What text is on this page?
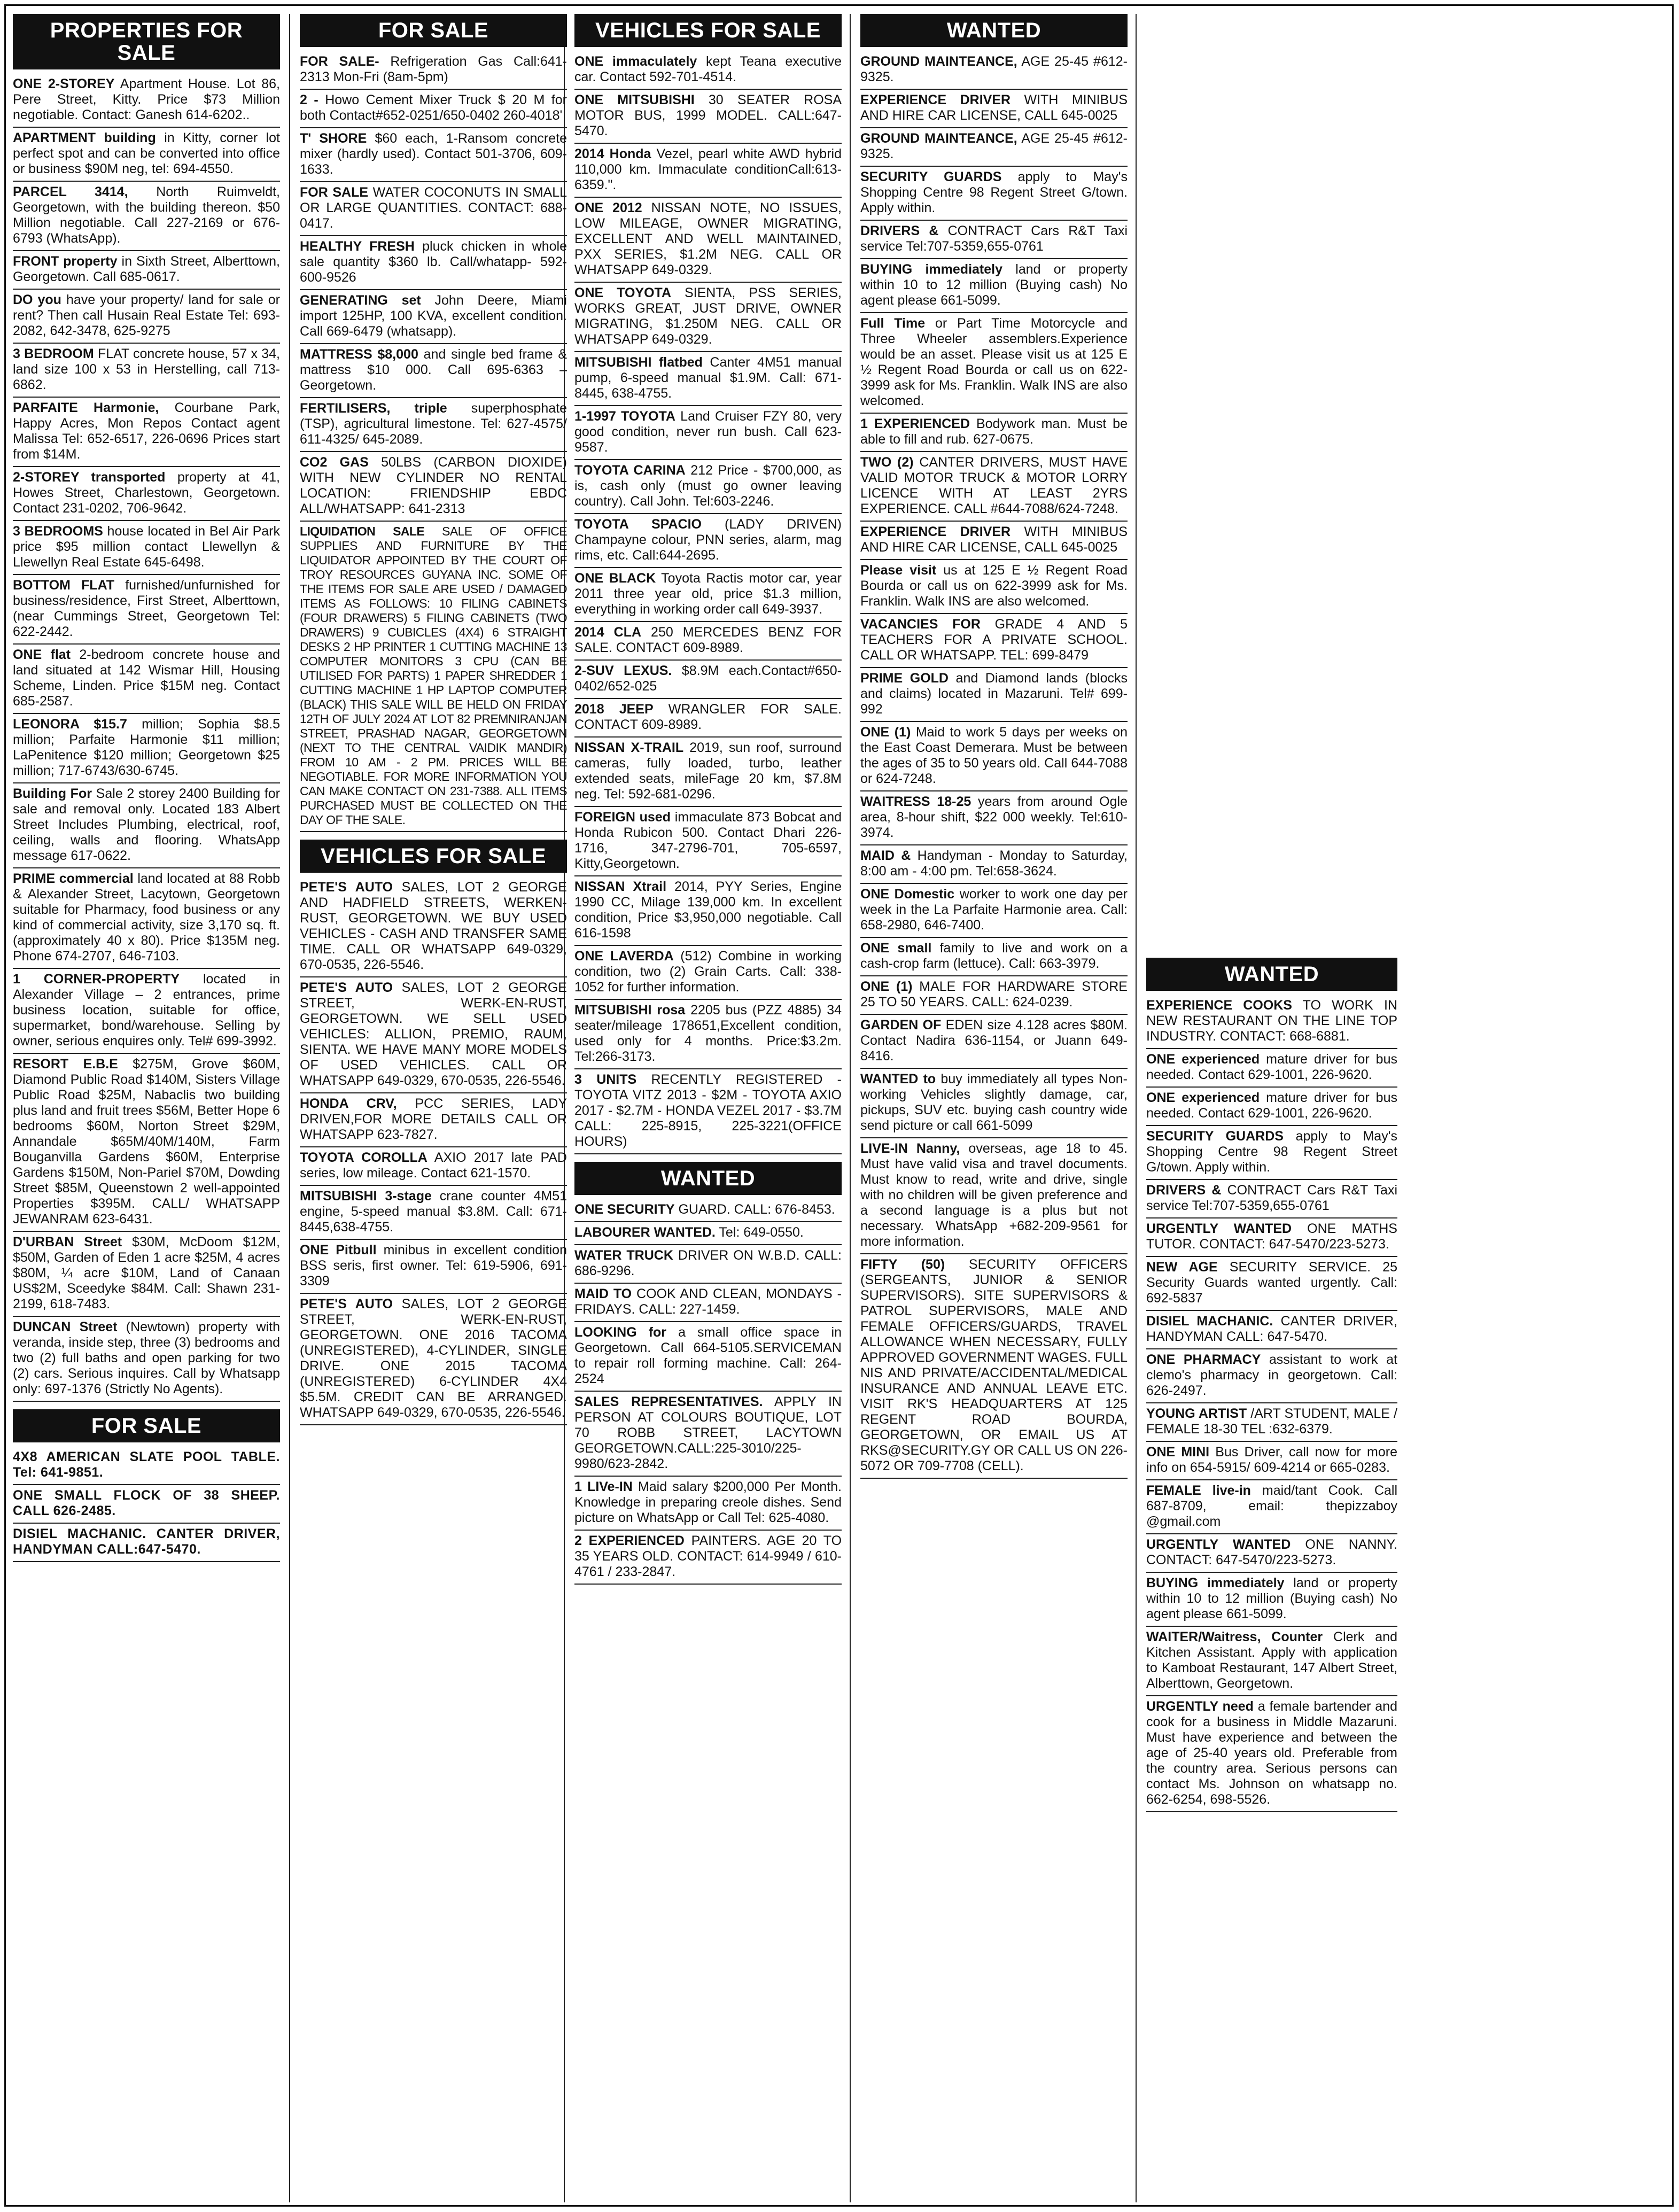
PROPERTIES FOR SALE

ONE 2-STOREY Apartment House. Lot 86, Pere Street, Kitty. Price $73 Million negotiable. Contact: Ganesh 614-6202..

APARTMENT building in Kitty, corner lot perfect spot and can be converted into office or business $90M neg, tel: 694-4550.

PARCEL 3414, North Ruimveldt, Georgetown, with the building thereon. $50 Million negotiable. Call 227-2169 or 676-6793 (WhatsApp).

FRONT property in Sixth Street, Alberttown, Georgetown. Call 685-0617.

DO you have your property/ land for sale or rent? Then call Husain Real Estate Tel: 693-2082, 642-3478, 625-9275

3 BEDROOM FLAT concrete house, 57 x 34, land size 100 x 53 in Herstelling, call 713-6862.

PARFAITE Harmonie, Courbane Park, Happy Acres, Mon Repos Contact agent Malissa Tel: 652-6517, 226-0696 Prices start from $14M.

2-STOREY transported property at 41, Howes Street, Charlestown, Georgetown. Contact 231-0202, 706-9642.

3 BEDROOMS house located in Bel Air Park price $95 million contact Llewellyn & Llewellyn Real Estate 645-6498.

BOTTOM FLAT furnished/unfurnished for business/residence, First Street, Alberttown, (near Cummings Street, Georgetown Tel: 622-2442.

ONE flat 2-bedroom concrete house and land situated at 142 Wismar Hill, Housing Scheme, Linden. Price $15M neg. Contact 685-2587.

LEONORA $15.7 million; Sophia $8.5 million; Parfaite Harmonie $11 million; LaPenitence $120 million; Georgetown $25 million; 717-6743/630-6745.

Building For Sale 2 storey 2400 Building for sale and removal only. Located 183 Albert Street Includes Plumbing, electrical, roof, ceiling, walls and flooring. WhatsApp message 617-0622.

PRIME commercial land located at 88 Robb & Alexander Street, Lacytown, Georgetown suitable for Pharmacy, food business or any kind of commercial activity, size 3,170 sq. ft. (approximately 40 x 80). Price $135M neg. Phone 674-2707, 646-7103.

1 CORNER-PROPERTY located in Alexander Village – 2 entrances, prime business location, suitable for office, supermarket, bond/warehouse. Selling by owner, serious enquires only. Tel# 699-3992.

RESORT E.B.E $275M, Grove $60M, Diamond Public Road $140M, Sisters Village Public Road $25M, Nabaclis two building plus land and fruit trees $56M, Better Hope 6 bedrooms $60M, Norton Street $29M, Annandale $65M/40M/140M, Farm Bouganvilla Gardens $60M, Enterprise Gardens $150M, Non-Pariel $70M, Dowding Street $85M, Queenstown 2 well-appointed Properties $395M. CALL/ WHATSAPP JEWANRAM 623-6431.

D'URBAN Street $30M, McDoom $12M, $50M, Garden of Eden 1 acre $25M, 4 acres $80M, ¼ acre $10M, Land of Canaan US$2M, Sceedyke $84M. Call: Shawn 231-2199, 618-7483.

DUNCAN Street (Newtown) property with veranda, inside step, three (3) bedrooms and two (2) full baths and open parking for two (2) cars. Serious inquires. Call by Whatsapp only: 697-1376 (Strictly No Agents).

FOR SALE

4X8 AMERICAN SLATE POOL TABLE. Tel: 641-9851.

ONE SMALL FLOCK OF 38 SHEEP. CALL 626-2485.

DISIEL MACHANIC. CANTER DRIVER, HANDYMAN CALL:647-5470.

FOR SALE

FOR SALE- Refrigeration Gas Call:641-2313 Mon-Fri (8am-5pm)

2 - Howo Cement Mixer Truck $ 20 M for both Contact#652-0251/650-0402 260-4018'

T' SHORE $60 each, 1-Ransom concrete mixer (hardly used). Contact 501-3706, 609-1633.

FOR SALE WATER COCONUTS IN SMALL OR LARGE QUANTITIES. CONTACT: 688-0417.

HEALTHY FRESH pluck chicken in whole sale quantity $360 lb. Call/whatapp- 592-600-9526

GENERATING set John Deere, Miami import 125HP, 100 KVA, excellent condition. Call 669-6479 (whatsapp).

MATTRESS $8,000 and single bed frame & mattress $10 000. Call 695-6363 – Georgetown.

FERTILISERS, triple superphosphate (TSP), agricultural limestone. Tel: 627-4575/ 611-4325/ 645-2089.

CO2 GAS 50LBS (CARBON DIOXIDE) WITH NEW CYLINDER NO RENTAL LOCATION: FRIENDSHIP EBDC ALL/WHATSAPP: 641-2313

LIQUIDATION SALE SALE OF OFFICE SUPPLIES AND FURNITURE BY THE LIQUIDATOR APPOINTED BY THE COURT OF TROY RESOURCES GUYANA INC. SOME OF THE ITEMS FOR SALE ARE USED / DAMAGED ITEMS AS FOLLOWS: 10 FILING CABINETS (FOUR DRAWERS) 5 FILING CABINETS (TWO DRAWERS) 9 CUBICLES (4X4) 6 STRAIGHT DESKS 2 HP PRINTER 1 CUTTING MACHINE 13 COMPUTER MONITORS 3 CPU (CAN BE UTILISED FOR PARTS) 1 PAPER SHREDDER 1 CUTTING MACHINE 1 HP LAPTOP COMPUTER (BLACK) THIS SALE WILL BE HELD ON FRIDAY 12TH OF JULY 2024 AT LOT 82 PREMNIRANJAN STREET, PRASHAD NAGAR, GEORGETOWN (NEXT TO THE CENTRAL VAIDIK MANDIR) FROM 10 AM - 2 PM. PRICES WILL BE NEGOTIABLE. FOR MORE INFORMATION YOU CAN MAKE CONTACT ON 231-7388. ALL ITEMS PURCHASED MUST BE COLLECTED ON THE DAY OF THE SALE.

VEHICLES FOR SALE

PETE'S AUTO SALES, LOT 2 GEORGE AND HADFIELD STREETS, WERKEN-RUST, GEORGETOWN. WE BUY USED VEHICLES - CASH AND TRANSFER SAME TIME. CALL OR WHATSAPP 649-0329, 670-0535, 226-5546.

PETE'S AUTO SALES, LOT 2 GEORGE STREET, WERK-EN-RUST, GEORGETOWN. WE SELL USED VEHICLES: ALLION, PREMIO, RAUM, SIENTA. WE HAVE MANY MORE MODELS OF USED VEHICLES. CALL OR WHATSAPP 649-0329, 670-0535, 226-5546.

HONDA CRV, PCC SERIES, LADY DRIVEN,FOR MORE DETAILS CALL OR WHATSAPP 623-7827.

TOYOTA COROLLA AXIO 2017 late PAD series, low mileage. Contact 621-1570.

MITSUBISHI 3-stage crane counter 4M51 engine, 5-speed manual $3.8M. Call: 671-8445,638-4755.

ONE Pitbull minibus in excellent condition BSS seris, first owner. Tel: 619-5906, 691-3309

PETE'S AUTO SALES, LOT 2 GEORGE STREET, WERK-EN-RUST, GEORGETOWN. ONE 2016 TACOMA (UNREGISTERED), 4-CYLINDER, SINGLE DRIVE. ONE 2015 TACOMA (UNREGISTERED) 6-CYLINDER 4X4 $5.5M. CREDIT CAN BE ARRANGED. WHATSAPP 649-0329, 670-0535, 226-5546.

VEHICLES FOR SALE

ONE immaculately kept Teana executive car. Contact 592-701-4514.

ONE MITSUBISHI 30 SEATER ROSA MOTOR BUS, 1999 MODEL. CALL:647-5470.

2014 Honda Vezel, pearl white AWD hybrid 110,000 km. Immaculate conditionCall:613-6359.".

ONE 2012 NISSAN NOTE, NO ISSUES, LOW MILEAGE, OWNER MIGRATING, EXCELLENT AND WELL MAINTAINED, PXX SERIES, $1.2M NEG. CALL OR WHATSAPP 649-0329.

ONE TOYOTA SIENTA, PSS SERIES, WORKS GREAT, JUST DRIVE, OWNER MIGRATING, $1.250M NEG. CALL OR WHATSAPP 649-0329.

MITSUBISHI flatbed Canter 4M51 manual pump, 6-speed manual $1.9M. Call: 671-8445, 638-4755.

1-1997 TOYOTA Land Cruiser FZY 80, very good condition, never run bush. Call 623-9587.

TOYOTA CARINA 212 Price - $700,000, as is, cash only (must go owner leaving country). Call John. Tel:603-2246.

TOYOTA SPACIO (LADY DRIVEN) Champayne colour, PNN series, alarm, mag rims, etc. Call:644-2695.

ONE BLACK Toyota Ractis motor car, year 2011 three year old, price $1.3 million, everything in working order call 649-3937.

2014 CLA 250 MERCEDES BENZ FOR SALE. CONTACT 609-8989.

2-SUV LEXUS. $8.9M each.Contact#650-0402/652-025

2018 JEEP WRANGLER FOR SALE. CONTACT 609-8989.

NISSAN X-TRAIL 2019, sun roof, surround cameras, fully loaded, turbo, leather extended seats, mileFage 20 km, $7.8M neg. Tel: 592-681-0296.

FOREIGN used immaculate 873 Bobcat and Honda Rubicon 500. Contact Dhari 226-1716, 347-2796-701, 705-6597, Kitty,Georgetown.

NISSAN Xtrail 2014, PYY Series, Engine 1990 CC, Milage 139,000 km. In excellent condition, Price $3,950,000 negotiable. Call 616-1598

ONE LAVERDA (512) Combine in working condition, two (2) Grain Carts. Call: 338-1052 for further information.

MITSUBISHI rosa 2205 bus (PZZ 4885) 34 seater/mileage 178651,Excellent condition, used only for 4 months. Price:$3.2m. Tel:266-3173.

3 UNITS RECENTLY REGISTERED - TOYOTA VITZ 2013 - $2M - TOYOTA AXIO 2017 - $2.7M - HONDA VEZEL 2017 - $3.7M CALL: 225-8915, 225-3221(OFFICE HOURS)

WANTED

ONE SECURITY GUARD. CALL: 676-8453.

LABOURER WANTED. Tel: 649-0550.

WATER TRUCK DRIVER ON W.B.D. CALL: 686-9296.

MAID TO COOK AND CLEAN, MONDAYS - FRIDAYS. CALL: 227-1459.

LOOKING for a small office space in Georgetown. Call 664-5105.SERVICEMAN to repair roll forming machine. Call: 264-2524

SALES REPRESENTATIVES. APPLY IN PERSON AT COLOURS BOUTIQUE, LOT 70 ROBB STREET, LACYTOWN GEORGETOWN.CALL:225-3010/225-9980/623-2842.

1 LIVe-IN Maid salary $200,000 Per Month. Knowledge in preparing creole dishes. Send picture on WhatsApp or Call Tel: 625-4080.

2 EXPERIENCED PAINTERS. AGE 20 TO 35 YEARS OLD. CONTACT: 614-9949 / 610-4761 / 233-2847.

WANTED

GROUND MAINTEANCE, AGE 25-45 #612-9325.

EXPERIENCE DRIVER WITH MINIBUS AND HIRE CAR LICENSE, CALL 645-0025

GROUND MAINTEANCE, AGE 25-45 #612-9325.

SECURITY GUARDS apply to May's Shopping Centre 98 Regent Street G/town. Apply within.

DRIVERS & CONTRACT Cars R&T Taxi service Tel:707-5359,655-0761

BUYING immediately land or property within 10 to 12 million (Buying cash) No agent please 661-5099.

Full Time or Part Time Motorcycle and Three Wheeler assemblers.Experience would be an asset. Please visit us at 125 E ½ Regent Road Bourda or call us on 622-3999 ask for Ms. Franklin. Walk INS are also welcomed.

1 EXPERIENCED Bodywork man. Must be able to fill and rub. 627-0675.

TWO (2) CANTER DRIVERS, MUST HAVE VALID MOTOR TRUCK & MOTOR LORRY LICENCE WITH AT LEAST 2YRS EXPERIENCE. CALL #644-7088/624-7248.

EXPERIENCE DRIVER WITH MINIBUS AND HIRE CAR LICENSE, CALL 645-0025

Please visit us at 125 E ½ Regent Road Bourda or call us on 622-3999 ask for Ms. Franklin. Walk INS are also welcomed.

VACANCIES FOR GRADE 4 AND 5 TEACHERS FOR A PRIVATE SCHOOL. CALL OR WHATSAPP. TEL: 699-8479

PRIME GOLD and Diamond lands (blocks and claims) located in Mazaruni. Tel# 699-992

ONE (1) Maid to work 5 days per weeks on the East Coast Demerara. Must be between the ages of 35 to 50 years old. Call 644-7088 or 624-7248.

WAITRESS 18-25 years from around Ogle area, 8-hour shift, $22 000 weekly. Tel:610-3974.

MAID & Handyman - Monday to Saturday, 8:00 am - 4:00 pm. Tel:658-3624.

ONE Domestic worker to work one day per week in the La Parfaite Harmonie area. Call: 658-2980, 646-7400.

ONE small family to live and work on a cash-crop farm (lettuce). Call: 663-3979.

ONE (1) MALE FOR HARDWARE STORE 25 TO 50 YEARS. CALL: 624-0239.

GARDEN OF EDEN size 4.128 acres $80M. Contact Nadira 636-1154, or Juann 649-8416.

WANTED to buy immediately all types Non-working Vehicles slightly damage, car, pickups, SUV etc. buying cash country wide send picture or call 661-5099

LIVE-IN Nanny, overseas, age 18 to 45. Must have valid visa and travel documents. Must know to read, write and drive, single with no children will be given preference and a second language is a plus but not necessary. WhatsApp +682-209-9561 for more information.

FIFTY (50) SECURITY OFFICERS (SERGEANTS, JUNIOR & SENIOR SUPERVISORS). SITE SUPERVISORS & PATROL SUPERVISORS, MALE AND FEMALE OFFICERS/GUARDS, TRAVEL ALLOWANCE WHEN NECESSARY, FULLY APPROVED GOVERNMENT WAGES. FULL NIS AND PRIVATE/ACCIDENTAL/MEDICAL INSURANCE AND ANNUAL LEAVE ETC. VISIT RK'S HEADQUARTERS AT 125 REGENT ROAD BOURDA, GEORGETOWN, OR EMAIL US AT RKS@SECURITY.GY OR CALL US ON 226-5072 OR 709-7708 (CELL).

WANTED

EXPERIENCE COOKS TO WORK IN NEW RESTAURANT ON THE LINE TOP INDUSTRY. CONTACT: 668-6881.

ONE experienced mature driver for bus needed. Contact 629-1001, 226-9620.

ONE experienced mature driver for bus needed. Contact 629-1001, 226-9620.

SECURITY GUARDS apply to May's Shopping Centre 98 Regent Street G/town. Apply within.

DRIVERS & CONTRACT Cars R&T Taxi service Tel:707-5359,655-0761

URGENTLY WANTED ONE MATHS TUTOR. CONTACT: 647-5470/223-5273.

NEW AGE SECURITY SERVICE. 25 Security Guards wanted urgently. Call: 692-5837

DISIEL MACHANIC. CANTER DRIVER, HANDYMAN CALL: 647-5470.

ONE PHARMACY assistant to work at clemo's pharmacy in georgetown. Call: 626-2497.

YOUNG ARTIST /ART STUDENT, MALE / FEMALE 18-30 TEL :632-6379.

ONE MINI Bus Driver, call now for more info on 654-5915/ 609-4214 or 665-0283.

FEMALE live-in maid/tant Cook. Call 687-8709, email: thepizzaboy @gmail.com

URGENTLY WANTED ONE NANNY. CONTACT: 647-5470/223-5273.

BUYING immediately land or property within 10 to 12 million (Buying cash) No agent please 661-5099.

WAITER/Waitress, Counter Clerk and Kitchen Assistant. Apply with application to Kamboat Restaurant, 147 Albert Street, Alberttown, Georgetown.

URGENTLY need a female bartender and cook for a business in Middle Mazaruni. Must have experience and between the age of 25-40 years old. Preferable from the country area. Serious persons can contact Ms. Johnson on whatsapp no. 662-6254, 698-5526.
